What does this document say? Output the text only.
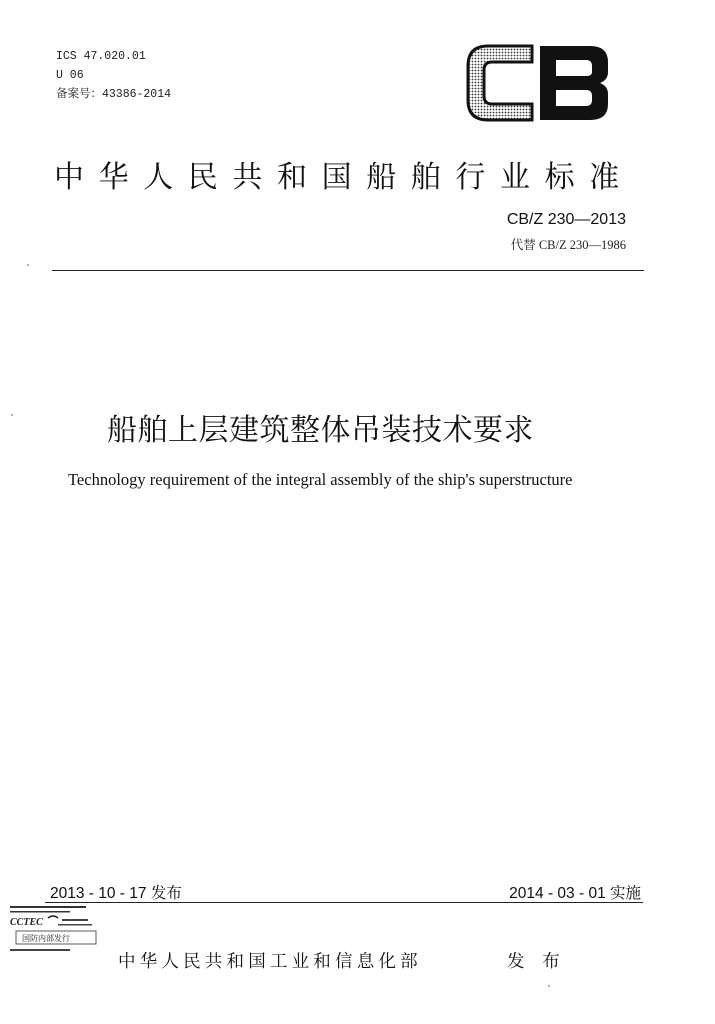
ICS 47.020.01
U 06
备案号：43386-2014
中华人民共和国船舶行业标准
CB/Z 230—2013
代替 CB/Z 230—1986
船舶上层建筑整体吊装技术要求
Technology requirement of the integral assembly of the ship's superstructure
2013 - 10 - 17 发布	2014 - 03 - 01 实施
CCTEC
国防内部发行
中华人民共和国工业和信息化部	发 布
